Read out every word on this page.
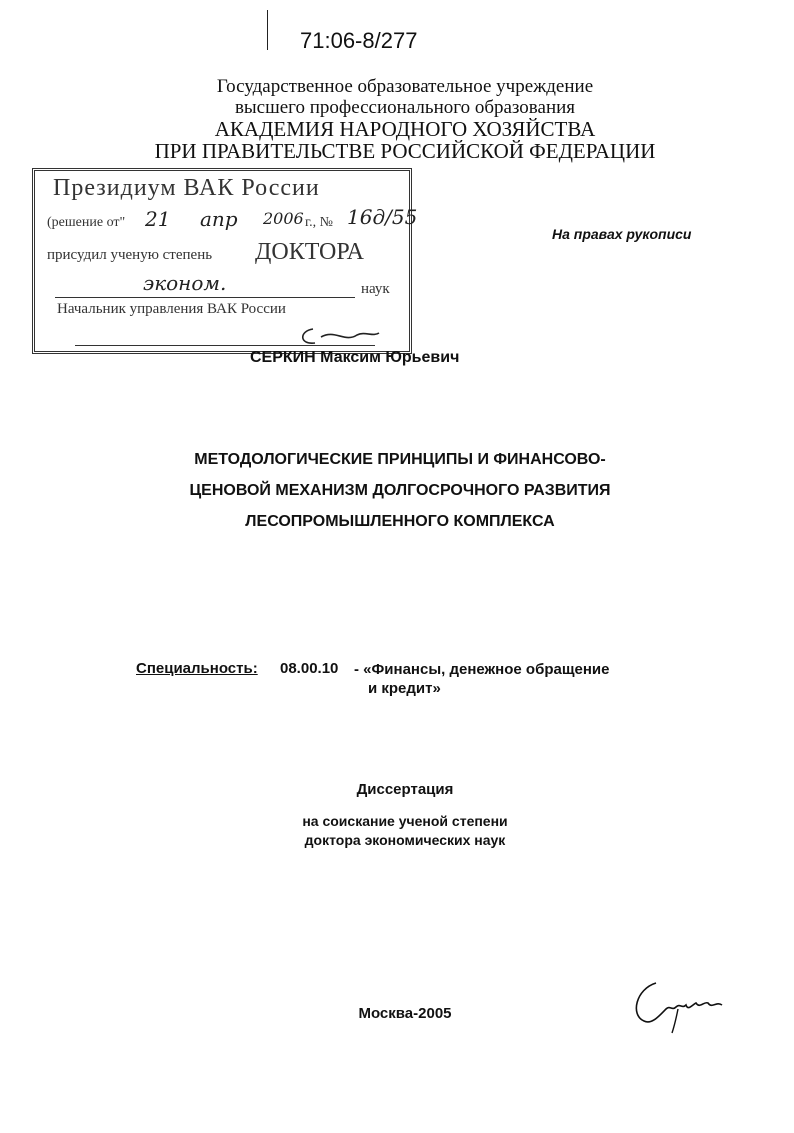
71:06-8/277
Государственное образовательное учреждение
высшего профессионального образования
АКАДЕМИЯ НАРОДНОГО ХОЗЯЙСТВА
ПРИ ПРАВИТЕЛЬСТВЕ РОССИЙСКОЙ ФЕДЕРАЦИИ
Президиум ВАК России
(решение от" 21 апр 2006 г., № 16д/55
присудил ученую степень ДОКТОРА
эконом.	наук
Начальник управления ВАК России
На правах рукописи
СЕРКИН Максим Юрьевич
МЕТОДОЛОГИЧЕСКИЕ ПРИНЦИПЫ И ФИНАНСОВО-
ЦЕНОВОЙ МЕХАНИЗМ ДОЛГОСРОЧНОГО РАЗВИТИЯ
ЛЕСОПРОМЫШЛЕННОГО КОМПЛЕКСА
Специальность: 08.00.10 - «Финансы, денежное обращение
и кредит»
Диссертация
на соискание ученой степени
доктора экономических наук
Москва-2005
